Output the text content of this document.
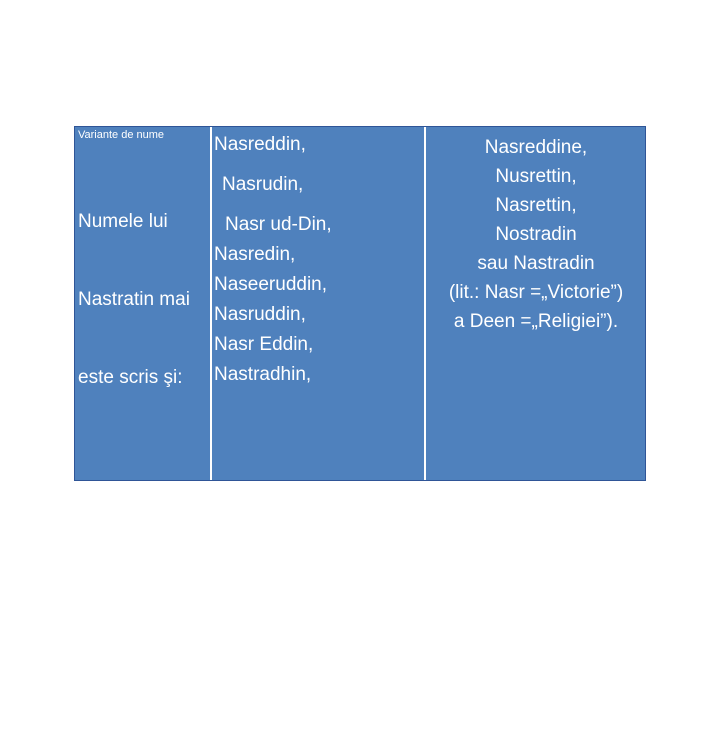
Variante de nume

Numele lui

Nastratin mai

este scris şi:

His name

Nasreddin is

also written:

Nasreddin,
Nasrudin,
Nasr ud-Din,
Nasredin,
Naseeruddin,
Nasruddin,
Nasr Eddin,
Nastradhin,
Nasreddine,
Nusrettin,
Nasrettin,
Nostradin
sau Nastradin
(lit.: Nasr =„Victorie”)
a Deen =„Religiei”).
